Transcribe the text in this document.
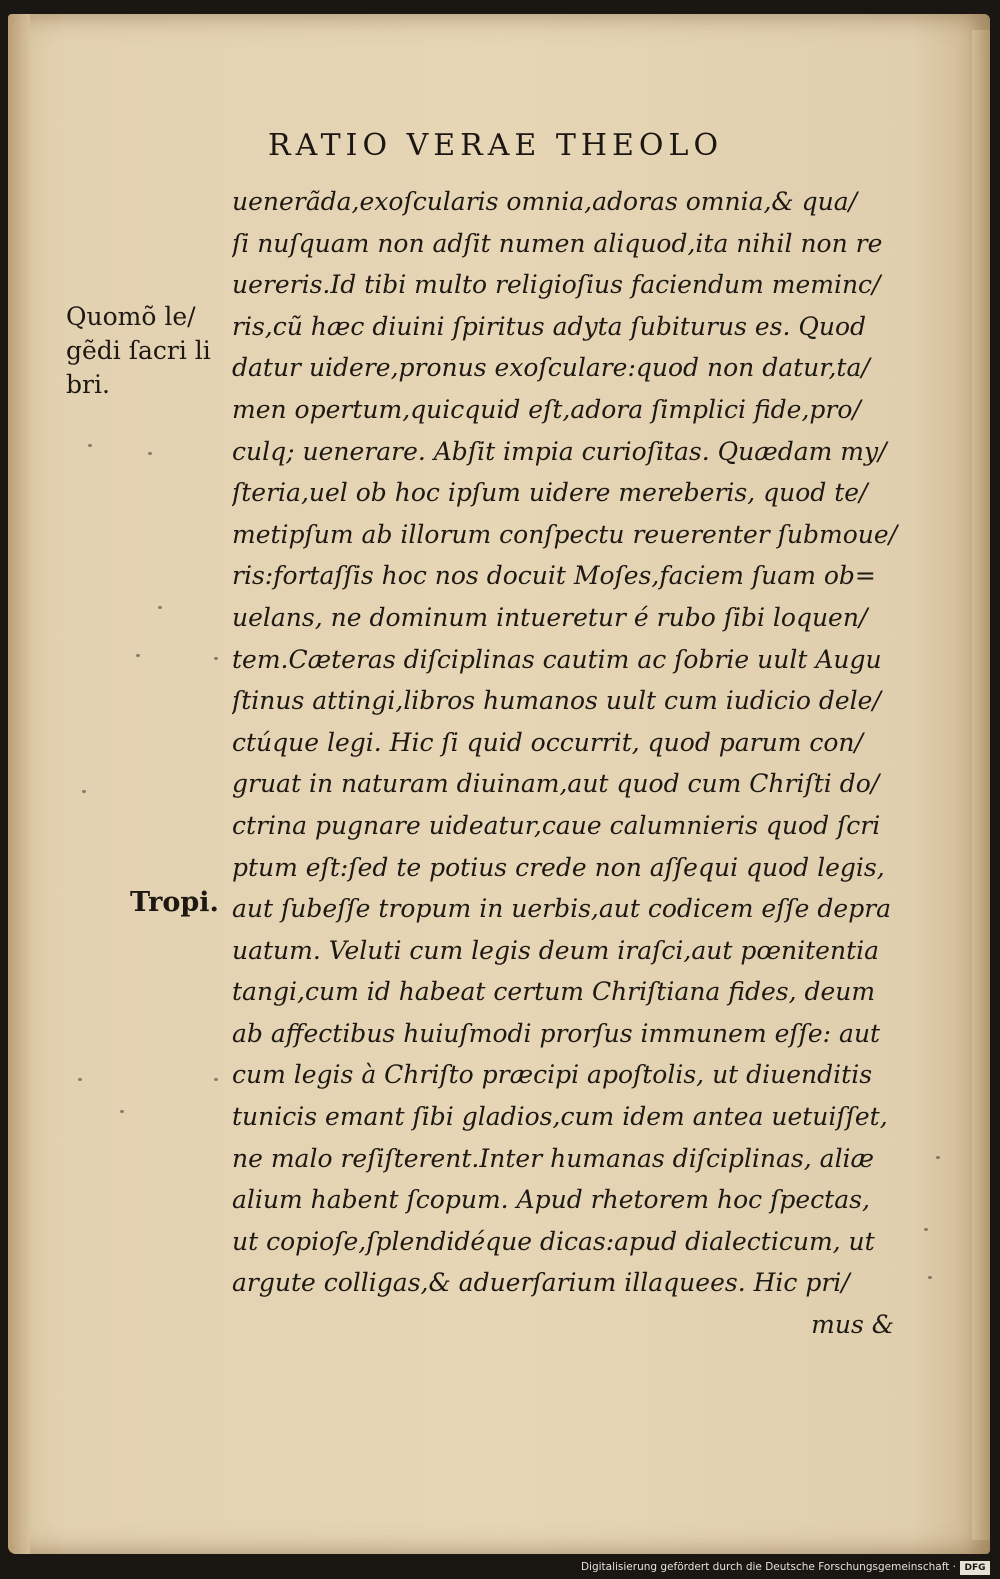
RATIO VERAE THEOLO
Quomõ le/
gẽdi ſacri li
bri.
Tropi.
uenerãda,exoſcularis omnia,adoras omnia,& qua/
ſi nuſquam non adſit numen aliquod,ita nihil non re
uereris.Id tibi multo religioſius faciendum meminc/
ris,cũ hæc diuini ſpiritus adyta ſubiturus es. Quod
datur uidere,pronus exoſculare:quod non datur,ta/
men opertum,quicquid eſt,adora ſimplici fide,pro/
culq; uenerare. Abſit impia curioſitas. Quædam my/
ſteria,uel ob hoc ipſum uidere mereberis, quod te/
metipſum ab illorum conſpectu reuerenter ſubmoue/
ris:fortaſſis hoc nos docuit Moſes,faciem ſuam ob=
uelans, ne dominum intueretur é rubo ſibi loquen/
tem.Cæteras diſciplinas cautim ac ſobrie uult Augu
ſtinus attingi,libros humanos uult cum iudicio dele/
ctúque legi. Hic ſi quid occurrit, quod parum con/
gruat in naturam diuinam,aut quod cum Chriſti do/
ctrina pugnare uideatur,caue calumnieris quod ſcri
ptum eſt:ſed te potius crede non aſſequi quod legis,
aut ſubeſſe tropum in uerbis,aut codicem eſſe depra
uatum. Veluti cum legis deum iraſci,aut pœnitentia
tangi,cum id habeat certum Chriſtiana fides, deum
ab affectibus huiuſmodi prorſus immunem eſſe: aut
cum legis à Chriſto præcipi apoſtolis, ut diuenditis
tunicis emant ſibi gladios,cum idem antea uetuiſſet,
ne malo reſiſterent.Inter humanas diſciplinas, aliæ
alium habent ſcopum. Apud rhetorem hoc ſpectas,
ut copioſe,ſplendidéque dicas:apud dialecticum, ut
argute colligas,& aduerſarium illaquees. Hic pri/
mus &
Digitalisierung gefördert durch die Deutsche Forschungsgemeinschaft · DFG
